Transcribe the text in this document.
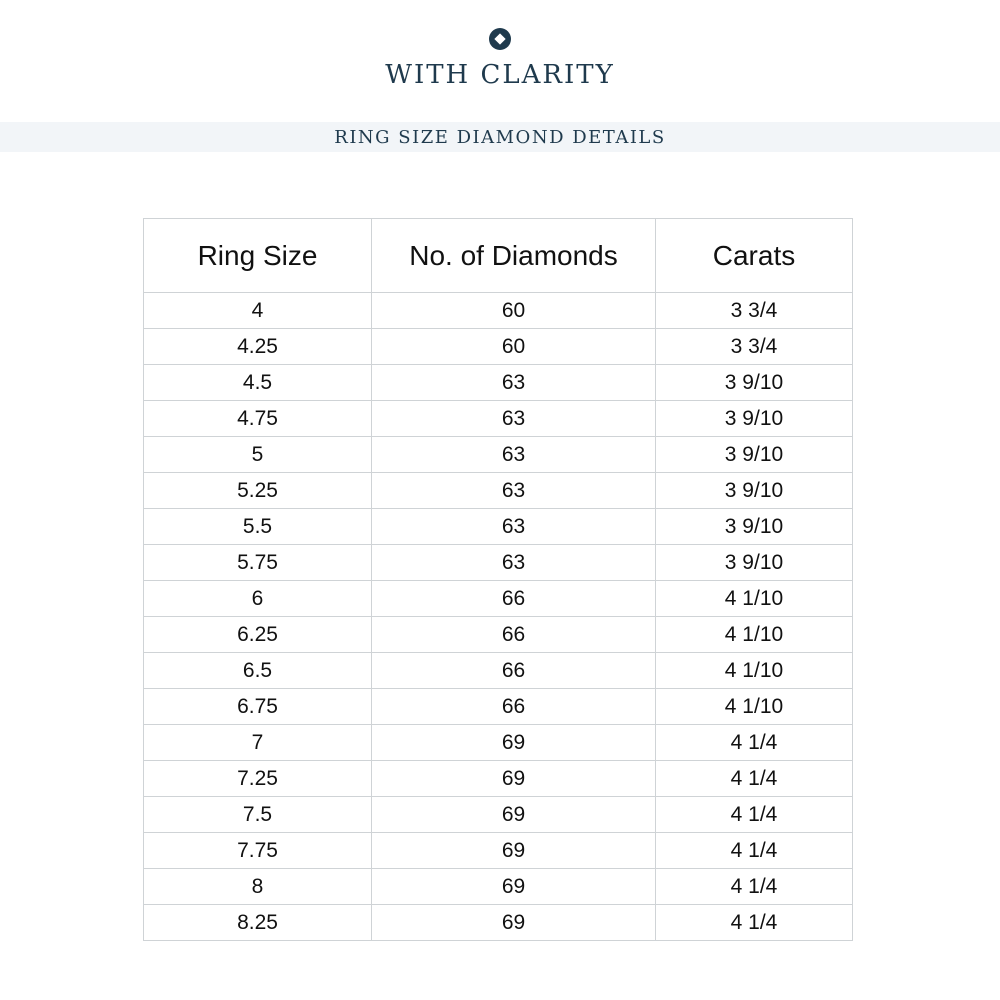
WITH CLARITY
RING SIZE DIAMOND DETAILS
Ring Size	No. of Diamonds	Carats
4	60	3 3/4
4.25	60	3 3/4
4.5	63	3 9/10
4.75	63	3 9/10
5	63	3 9/10
5.25	63	3 9/10
5.5	63	3 9/10
5.75	63	3 9/10
6	66	4 1/10
6.25	66	4 1/10
6.5	66	4 1/10
6.75	66	4 1/10
7	69	4 1/4
7.25	69	4 1/4
7.5	69	4 1/4
7.75	69	4 1/4
8	69	4 1/4
8.25	69	4 1/4
